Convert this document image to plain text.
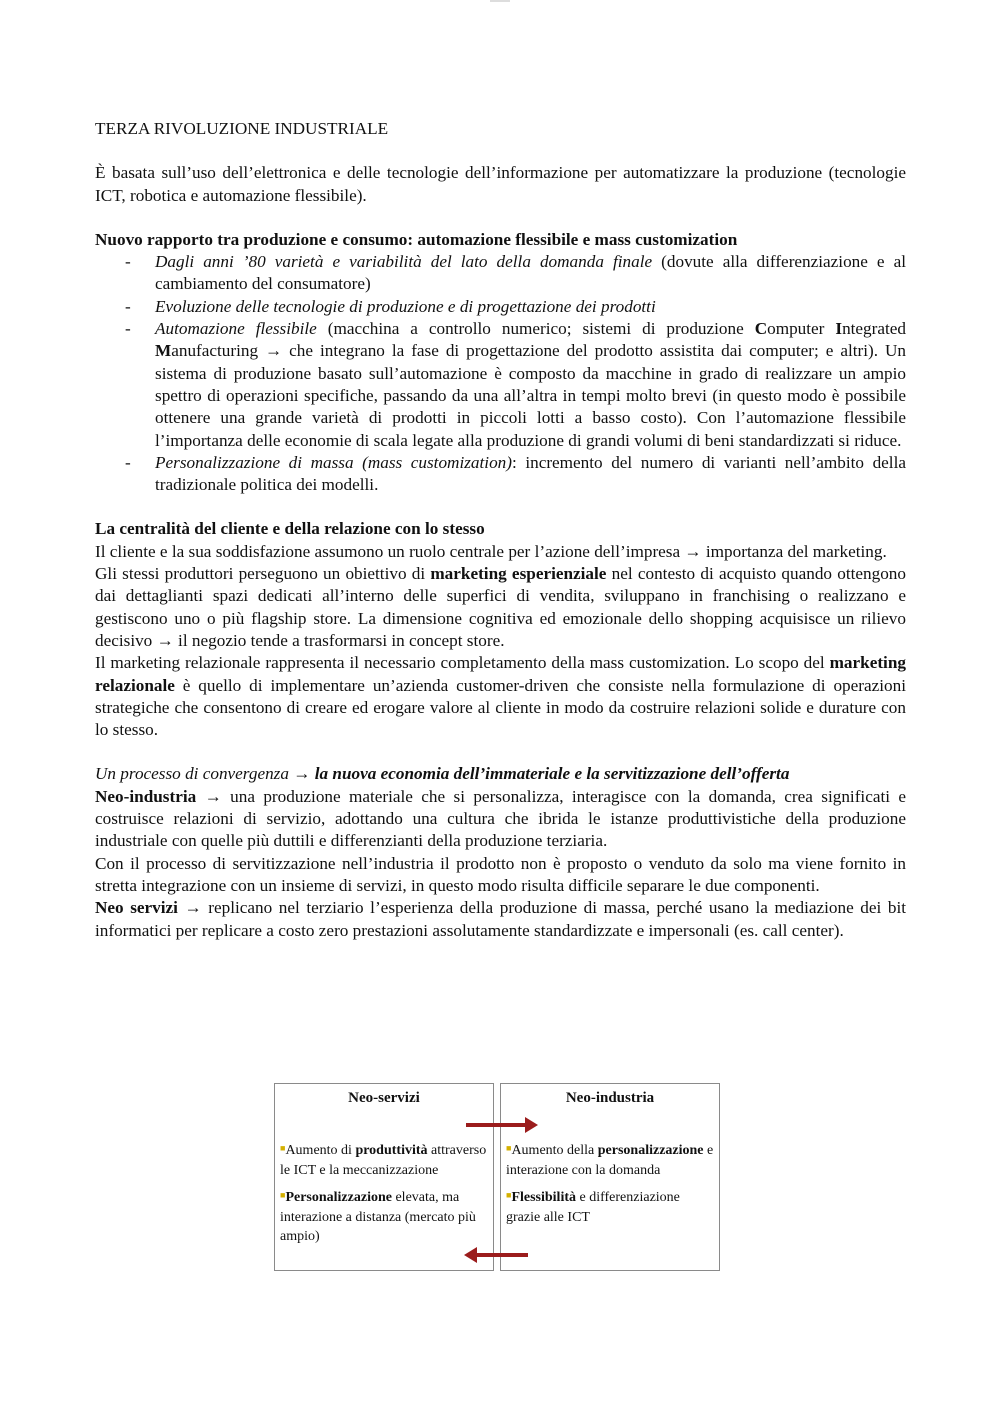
TERZA RIVOLUZIONE INDUSTRIALE

È basata sull’uso dell’elettronica e delle tecnologie dell’informazione per automatizzare la produzione (tecnologie ICT, robotica e automazione flessibile).

Nuovo rapporto tra produzione e consumo: automazione flessibile e mass customization
- Dagli anni ’80 varietà e variabilità del lato della domanda finale (dovute alla differenziazione e al cambiamento del consumatore)
- Evoluzione delle tecnologie di produzione e di progettazione dei prodotti
- Automazione flessibile (macchina a controllo numerico; sistemi di produzione Computer Integrated Manufacturing → che integrano la fase di progettazione del prodotto assistita dai computer; e altri). Un sistema di produzione basato sull’automazione è composto da macchine in grado di realizzare un ampio spettro di operazioni specifiche, passando da una all’altra in tempi molto brevi (in questo modo è possibile ottenere una grande varietà di prodotti in piccoli lotti a basso costo). Con l’automazione flessibile l’importanza delle economie di scala legate alla produzione di grandi volumi di beni standardizzati si riduce.
- Personalizzazione di massa (mass customization): incremento del numero di varianti nell’ambito della tradizionale politica dei modelli.
La centralità del cliente e della relazione con lo stesso

Il cliente e la sua soddisfazione assumono un ruolo centrale per l’azione dell’impresa → importanza del marketing.

Gli stessi produttori perseguono un obiettivo di marketing esperienziale nel contesto di acquisto quando ottengono dai dettaglianti spazi dedicati all’interno delle superfici di vendita, sviluppano in franchising o realizzano e gestiscono uno o più flagship store. La dimensione cognitiva ed emozionale dello shopping acquisisce un rilievo decisivo → il negozio tende a trasformarsi in concept store.

Il marketing relazionale rappresenta il necessario completamento della mass customization. Lo scopo del marketing relazionale è quello di implementare un’azienda customer-driven che consiste nella formulazione di operazioni strategiche che consentono di creare ed erogare valore al cliente in modo da costruire relazioni solide e durature con lo stesso.

Un processo di convergenza → la nuova economia dell’immateriale e la servitizzazione dell’offerta

Neo-industria → una produzione materiale che si personalizza, interagisce con la domanda, crea significati e costruisce relazioni di servizio, adottando una cultura che ibrida le istanze produttivistiche della produzione industriale con quelle più duttili e differenzianti della produzione terziaria.

Con il processo di servitizzazione nell’industria il prodotto non è proposto o venduto da solo ma viene fornito in stretta integrazione con un insieme di servizi, in questo modo risulta difficile separare le due componenti.

Neo servizi → replicano nel terziario l’esperienza della produzione di massa, perché usano la mediazione dei bit informatici per replicare a costo zero prestazioni assolutamente standardizzate e impersonali (es. call center).

Neo-servizi

■Aumento di produttività attraverso le ICT e la meccanizzazione

■Personalizzazione elevata, ma interazione a distanza (mercato più ampio)

Neo-industria

■Aumento della personalizzazione e interazione con la domanda

■Flessibilità e differenziazione grazie alle ICT
